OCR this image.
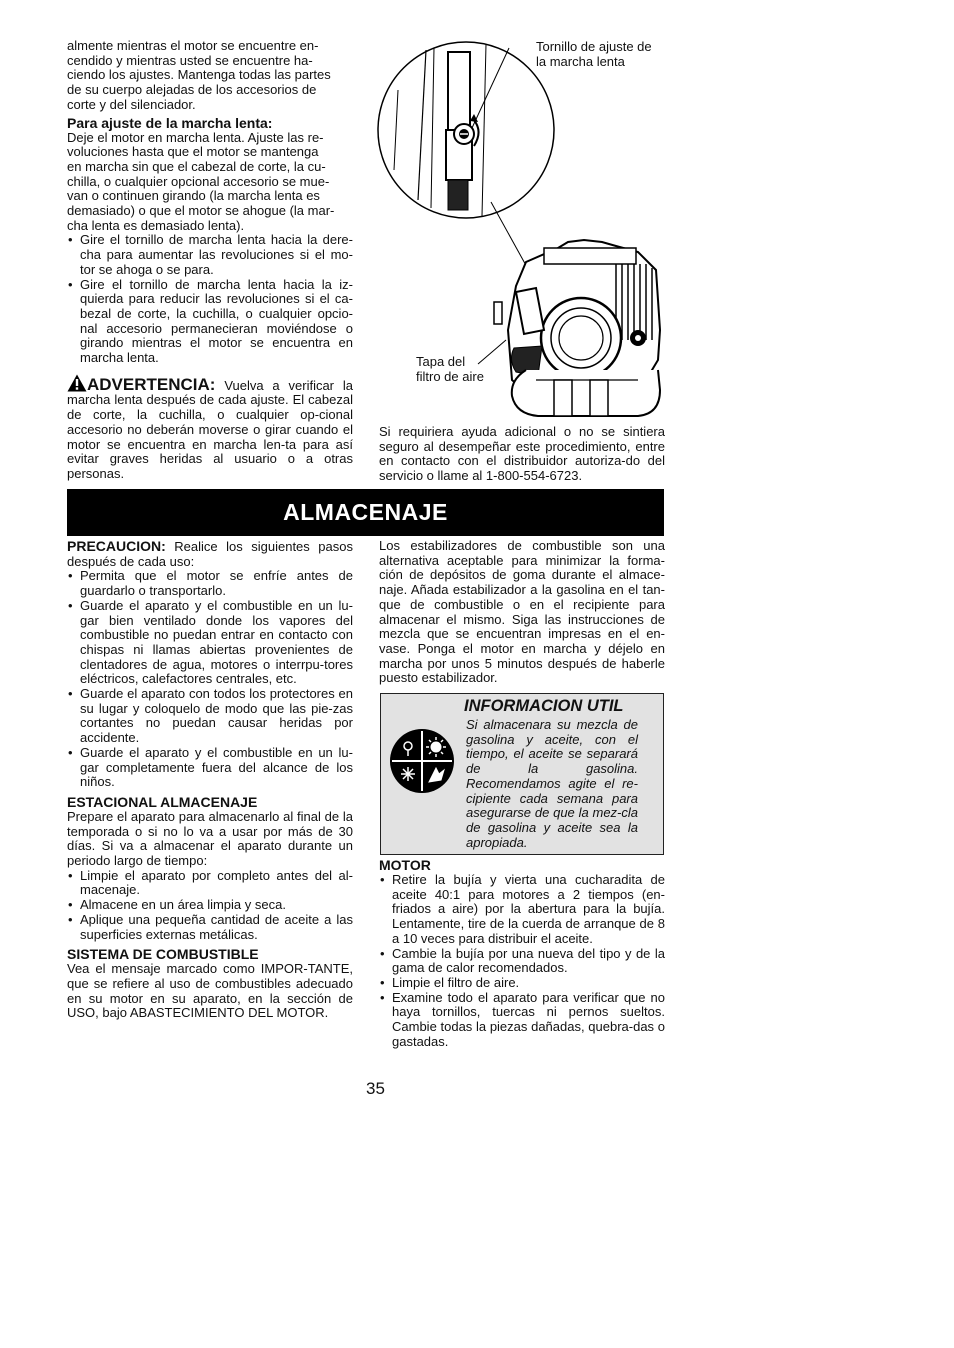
almente mientras el motor se encuentre en-
cendido y mientras usted se encuentre ha-
ciendo los ajustes. Mantenga todas las partes
de su cuerpo alejadas de los accesorios de
corte y del silenciador.

Para ajuste de la marcha lenta:

Deje el motor en marcha lenta. Ajuste las re-
voluciones hasta que el motor se mantenga
en marcha sin que el cabezal de corte, la cu-
chilla, o cualquier opcional accesorio se mue-
van o continuen girando (la marcha lenta es
demasiado) o que el motor se ahogue (la mar-
cha lenta es demasiado lenta).

• Gire el tornillo de marcha lenta hacia la dere-cha para aumentar las revoluciones si el mo-tor se ahoga o se para.
• Gire el tornillo de marcha lenta hacia la iz-quierda para reducir las revoluciones si el ca-bezal de corte, la cuchilla, o cualquier opcio-nal accesorio permanecieran moviéndose o girando mientras el motor se encuentra en marcha lenta.

ADVERTENCIA: Vuelva a verificar la marcha lenta después de cada ajuste. El cabezal de corte, la cuchilla, o cualquier op-cional accesorio no deberán moverse o girar cuando el motor se encuentra en marcha len-ta para así evitar graves heridas al usuario o a otras personas.

Tornillo de ajuste de
la marcha lenta
Tapa del
filtro de aire

Si requiriera ayuda adicional o no se sintiera seguro al desempeñar este procedimiento, entre en contacto con el distribuidor autoriza-do del servicio o llame al 1-800-554-6723.

ALMACENAJE

PRECAUCION: Realice los siguientes pasos después de cada uso:

• Permita que el motor se enfríe antes de guardarlo o transportarlo.
• Guarde el aparato y el combustible en un lu-gar bien ventilado donde los vapores del combustible no puedan entrar en contacto con chispas ni llamas abiertas provenientes de clentadores de agua, motores o interrpu-tores eléctricos, calefactores centrales, etc.
• Guarde el aparato con todos los protectores en su lugar y coloquelo de modo que las pie-zas cortantes no puedan causar heridas por accidente.
• Guarde el aparato y el combustible en un lu-gar completamente fuera del alcance de los niños.

ESTACIONAL ALMACENAJE

Prepare el aparato para almacenarlo al final de la temporada o si no lo va a usar por más de 30 días. Si va a almacenar el aparato durante un periodo largo de tiempo:

• Limpie el aparato por completo antes del al-macenaje.
• Almacene en un área limpia y seca.
• Aplique una pequeña cantidad de aceite a las superficies externas metálicas.

SISTEMA DE COMBUSTIBLE

Vea el mensaje marcado como IMPOR-TANTE, que se refiere al uso de combustibles adecuado en su motor en su aparato, en la sección de USO, bajo ABASTECIMIENTO DEL MOTOR.

Los estabilizadores de combustible son una alternativa aceptable para minimizar la forma-ción de depósitos de goma durante el almace-naje. Añada estabilizador a la gasolina en el tan-que de combustible o en el recipiente para almacenar el mismo. Siga las instrucciones de mezcla que se encuentran impresas en el en-vase. Ponga el motor en marcha y déjelo en marcha por unos 5 minutos después de haberle puesto estabilizador.

INFORMACION UTIL
Si almacenara su mezcla de gasolina y aceite, con el tiempo, el aceite se separará de la gasolina. Recomendamos agite el re-cipiente cada semana para asegurarse de que la mez-cla de gasolina y aceite sea la apropiada.

MOTOR

• Retire la bujía y vierta una cucharadita de aceite 40:1 para motores a 2 tiempos (en-friados a aire) por la abertura para la bujía. Lentamente, tire de la cuerda de arranque de 8 a 10 veces para distribuir el aceite.
• Cambie la bujía por una nueva del tipo y de la gama de calor recomendados.
• Limpie el filtro de aire.
• Examine todo el aparato para verificar que no haya tornillos, tuercas ni pernos sueltos. Cambie todas la piezas dañadas, quebra-das o gastadas.
35
